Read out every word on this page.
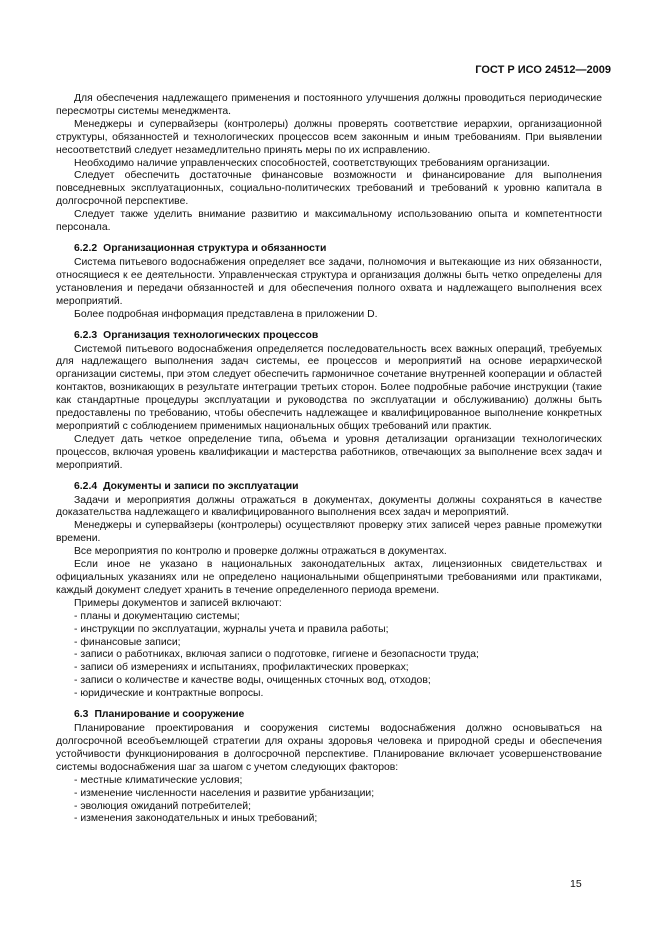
ГОСТ Р ИСО 24512—2009

Для обеспечения надлежащего применения и постоянного улучшения должны проводиться периодические пересмотры системы менеджмента.

Менеджеры и супервайзеры (контролеры) должны проверять соответствие иерархии, организационной структуры, обязанностей и технологических процессов всем законным и иным требованиям. При выявлении несоответствий следует незамедлительно принять меры по их исправлению.

Необходимо наличие управленческих способностей, соответствующих требованиям организации.

Следует обеспечить достаточные финансовые возможности и финансирование для выполнения повседневных эксплуатационных, социально-политических требований и требований к уровню капитала в долгосрочной перспективе.

Следует также уделить внимание развитию и максимальному использованию опыта и компетентности персонала.

6.2.2 Организационная структура и обязанности

Система питьевого водоснабжения определяет все задачи, полномочия и вытекающие из них обязанности, относящиеся к ее деятельности. Управленческая структура и организация должны быть четко определены для установления и передачи обязанностей и для обеспечения полного охвата и надлежащего выполнения всех мероприятий.

Более подробная информация представлена в приложении D.

6.2.3 Организация технологических процессов

Системой питьевого водоснабжения определяется последовательность всех важных операций, требуемых для надлежащего выполнения задач системы, ее процессов и мероприятий на основе иерархической организации системы, при этом следует обеспечить гармоничное сочетание внутренней кооперации и областей контактов, возникающих в результате интеграции третьих сторон. Более подробные рабочие инструкции (такие как стандартные процедуры эксплуатации и руководства по эксплуатации и обслуживанию) должны быть предоставлены по требованию, чтобы обеспечить надлежащее и квалифицированное выполнение конкретных мероприятий с соблюдением применимых национальных общих требований или практик.

Следует дать четкое определение типа, объема и уровня детализации организации технологических процессов, включая уровень квалификации и мастерства работников, отвечающих за выполнение всех задач и мероприятий.

6.2.4 Документы и записи по эксплуатации

Задачи и мероприятия должны отражаться в документах, документы должны сохраняться в качестве доказательства надлежащего и квалифицированного выполнения всех задач и мероприятий.

Менеджеры и супервайзеры (контролеры) осуществляют проверку этих записей через равные промежутки времени.

Все мероприятия по контролю и проверке должны отражаться в документах.

Если иное не указано в национальных законодательных актах, лицензионных свидетельствах и официальных указаниях или не определено национальными общепринятыми требованиями или практиками, каждый документ следует хранить в течение определенного периода времени.

Примеры документов и записей включают:

- планы и документацию системы;
- инструкции по эксплуатации, журналы учета и правила работы;
- финансовые записи;
- записи о работниках, включая записи о подготовке, гигиене и безопасности труда;
- записи об измерениях и испытаниях, профилактических проверках;
- записи о количестве и качестве воды, очищенных сточных вод, отходов;
- юридические и контрактные вопросы.
6.3 Планирование и сооружение

Планирование проектирования и сооружения системы водоснабжения должно основываться на долгосрочной всеобъемлющей стратегии для охраны здоровья человека и природной среды и обеспечения устойчивости функционирования в долгосрочной перспективе. Планирование включает усовершенствование системы водоснабжения шаг за шагом с учетом следующих факторов:

- местные климатические условия;
- изменение численности населения и развитие урбанизации;
- эволюция ожиданий потребителей;
- изменения законодательных и иных требований;
15
